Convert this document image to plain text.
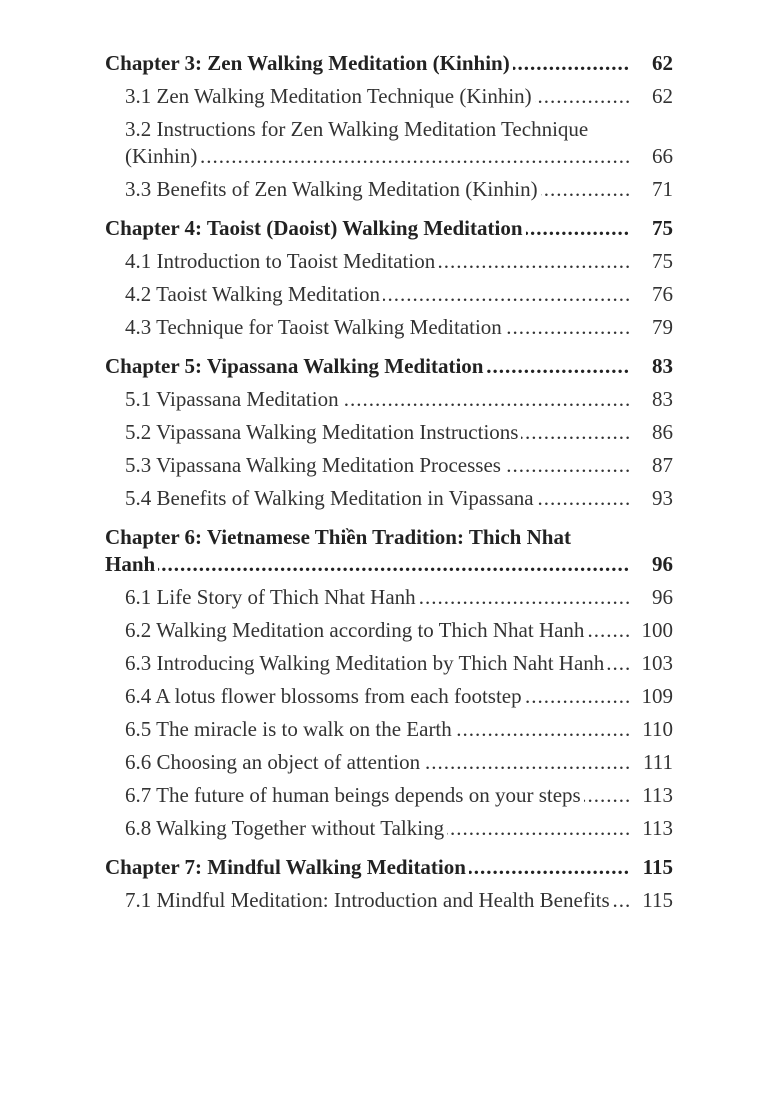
.....
Chapter 3: Zen Walking Meditation (Kinhin)	62
.....
3.1 Zen Walking Meditation Technique (Kinhin)	62
.....
3.2 Instructions for Zen Walking Meditation Technique (Kinhin)	66
.....
3.3 Benefits of Zen Walking Meditation (Kinhin)	71
.....
Chapter 4: Taoist (Daoist) Walking Meditation	75
.....
4.1 Introduction to Taoist Meditation	75
.....
4.2 Taoist Walking Meditation	76
.....
4.3 Technique for Taoist Walking Meditation	79
.....
Chapter 5: Vipassana Walking Meditation	83
.....
5.1 Vipassana Meditation	83
.....
5.2 Vipassana Walking Meditation Instructions	86
.....
5.3 Vipassana Walking Meditation Processes	87
.....
5.4 Benefits of Walking Meditation in Vipassana	93
.....
Chapter 6: Vietnamese Thiền Tradition: Thich Nhat Hanh	96
.....
6.1 Life Story of Thich Nhat Hanh	96
.....
6.2 Walking Meditation according to Thich Nhat Hanh	100
.....
6.3 Introducing Walking Meditation by Thich Naht Hanh 103
.....
6.4 A lotus flower blossoms from each footstep	109
.....
6.5 The miracle is to walk on the Earth	110
.....
6.6 Choosing an object of attention	111
.....
6.7 The future of human beings depends on your steps	113
.....
6.8 Walking Together without Talking	113
.....
Chapter 7: Mindful Walking Meditation	115
.....
7.1 Mindful Meditation: Introduction and Health Benefits 115
